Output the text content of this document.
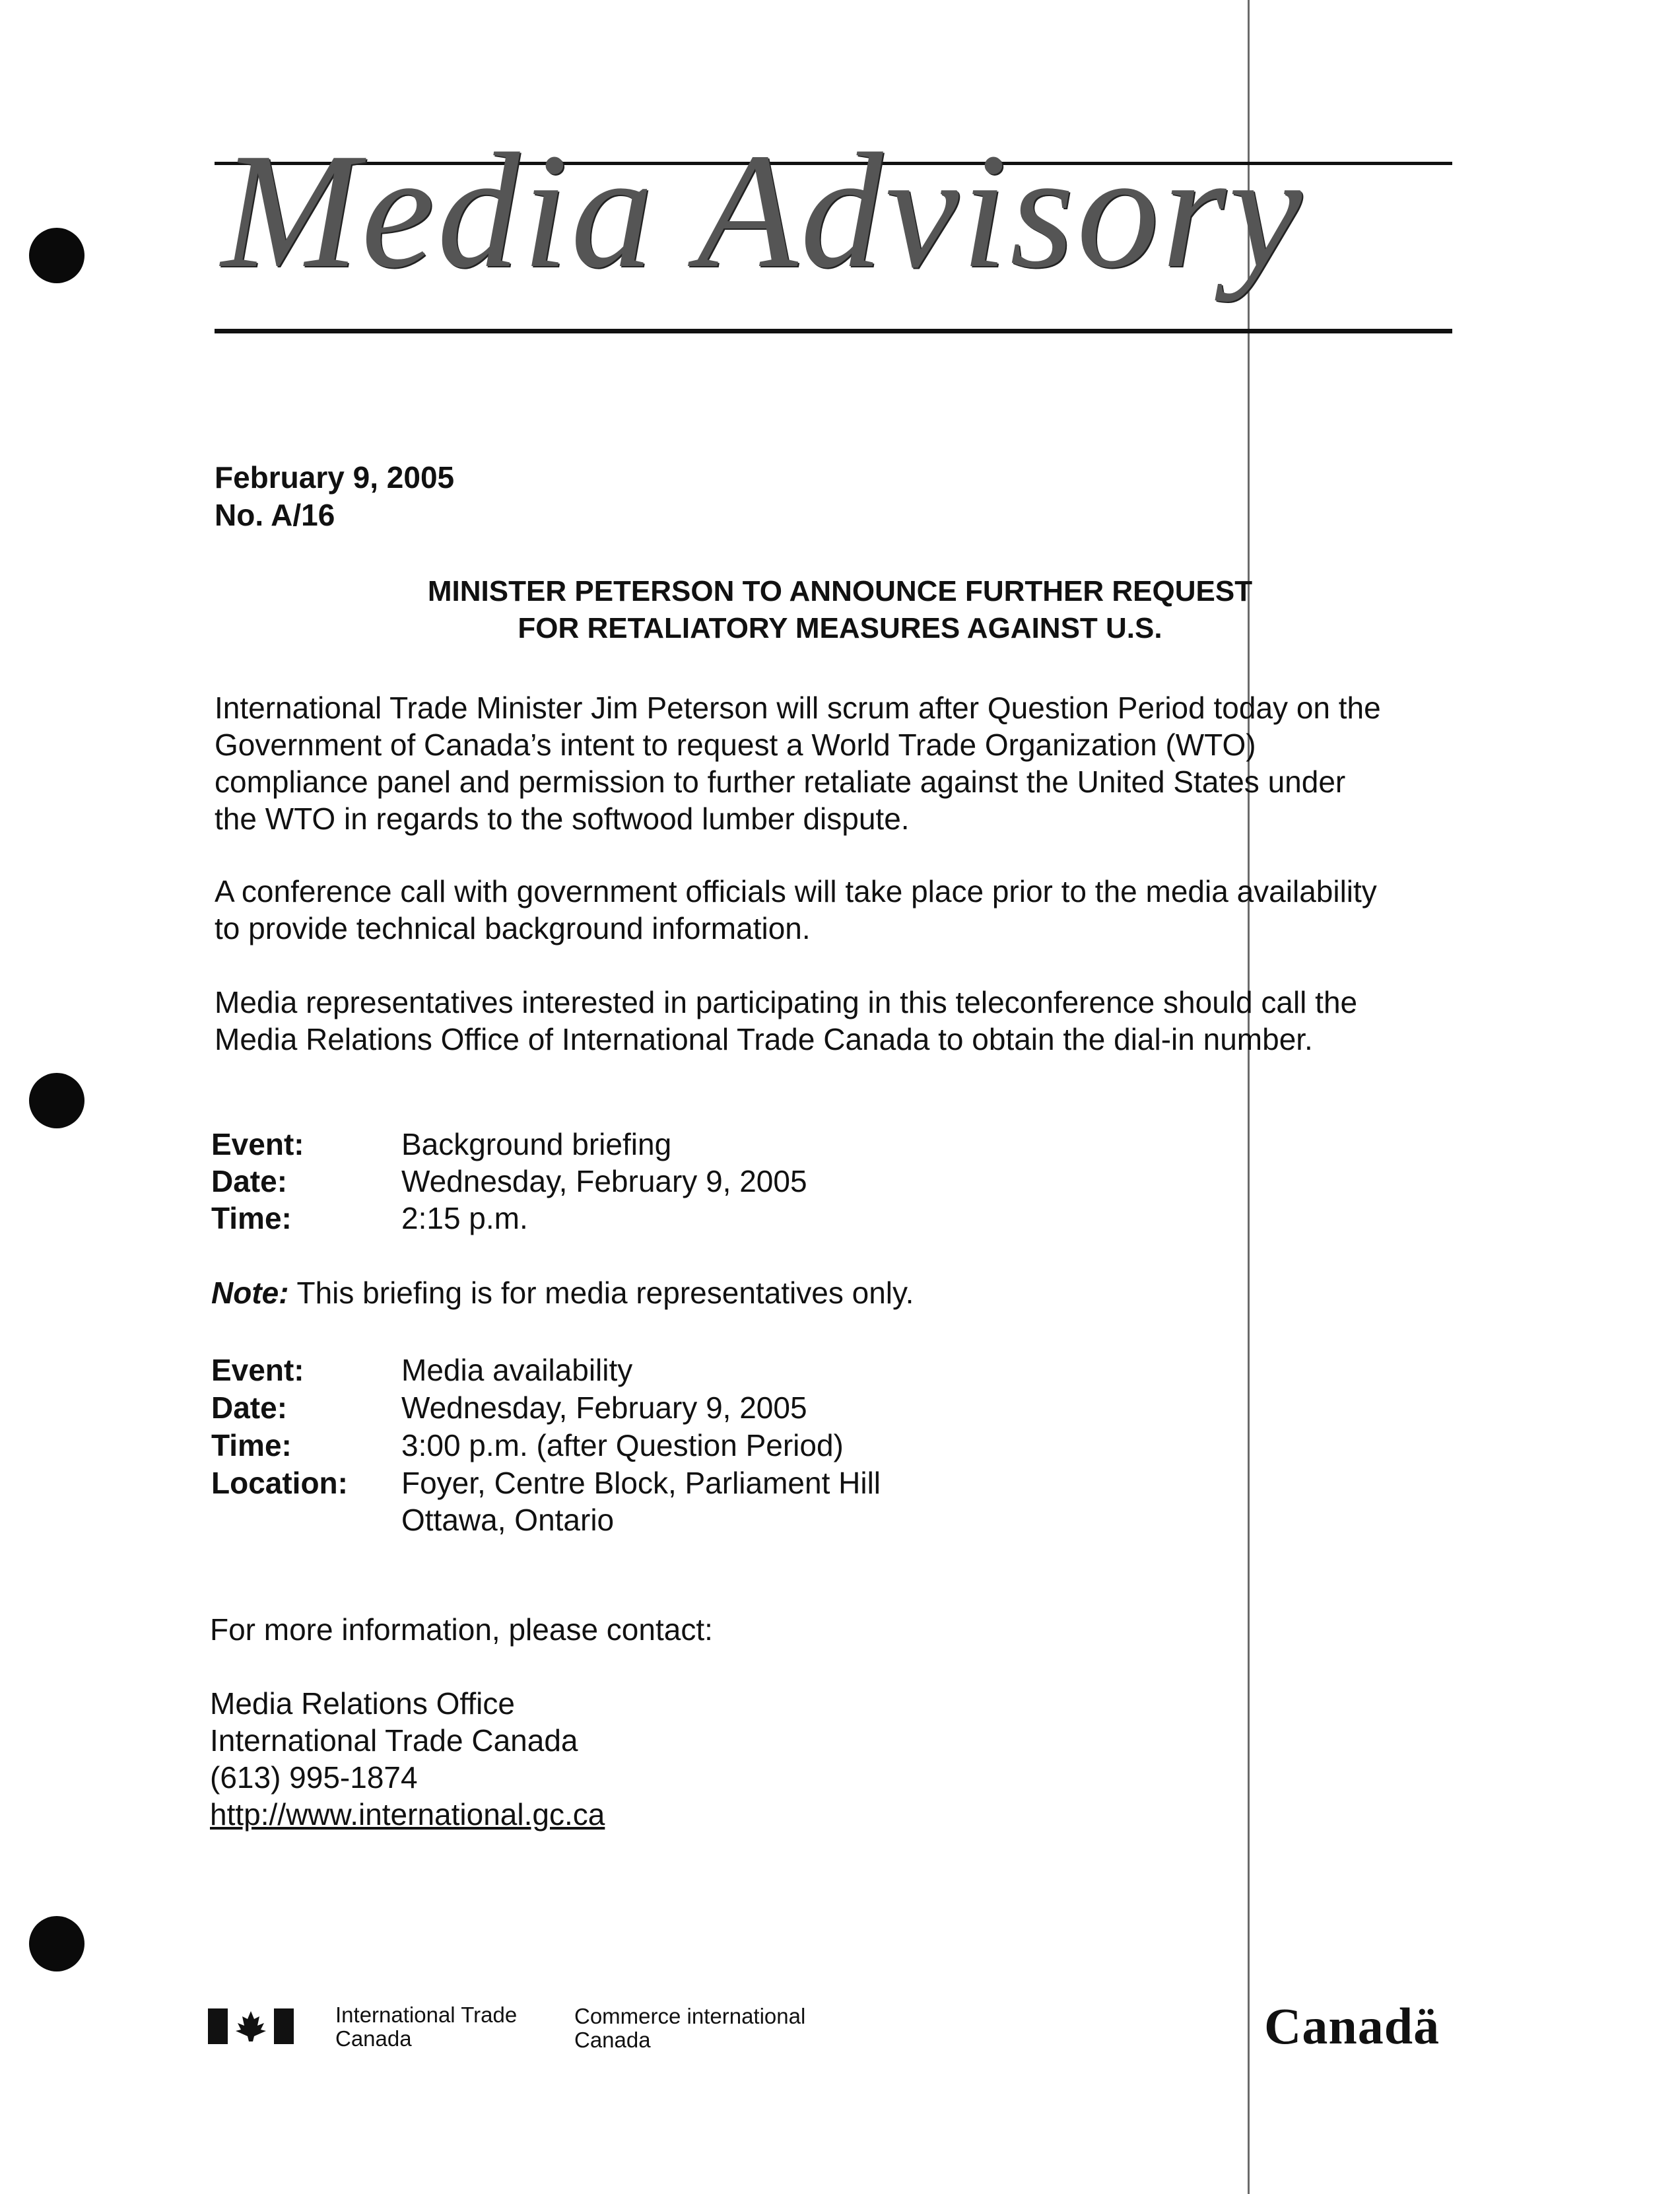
Media Advisory
February 9, 2005
No. A/16
MINISTER PETERSON TO ANNOUNCE FURTHER REQUEST
FOR RETALIATORY MEASURES AGAINST U.S.
International Trade Minister Jim Peterson will scrum after Question Period today on the
Government of Canada’s intent to request a World Trade Organization (WTO)
compliance panel and permission to further retaliate against the United States under
the WTO in regards to the softwood lumber dispute.
A conference call with government officials will take place prior to the media availability
to provide technical background information.
Media representatives interested in participating in this teleconference should call the
Media Relations Office of International Trade Canada to obtain the dial-in number.
Event:	Background briefing
Date:	Wednesday, February 9, 2005
Time:	2:15 p.m.
Note: This briefing is for media representatives only.
Event:	Media availability
Date:	Wednesday, February 9, 2005
Time:	3:00 p.m. (after Question Period)
Location: Foyer, Centre Block, Parliament Hill
Ottawa, Ontario
For more information, please contact:
Media Relations Office
International Trade Canada
(613) 995-1874
http://www.international.gc.ca
International Trade
Canada
Commerce international
Canada	Canadä
